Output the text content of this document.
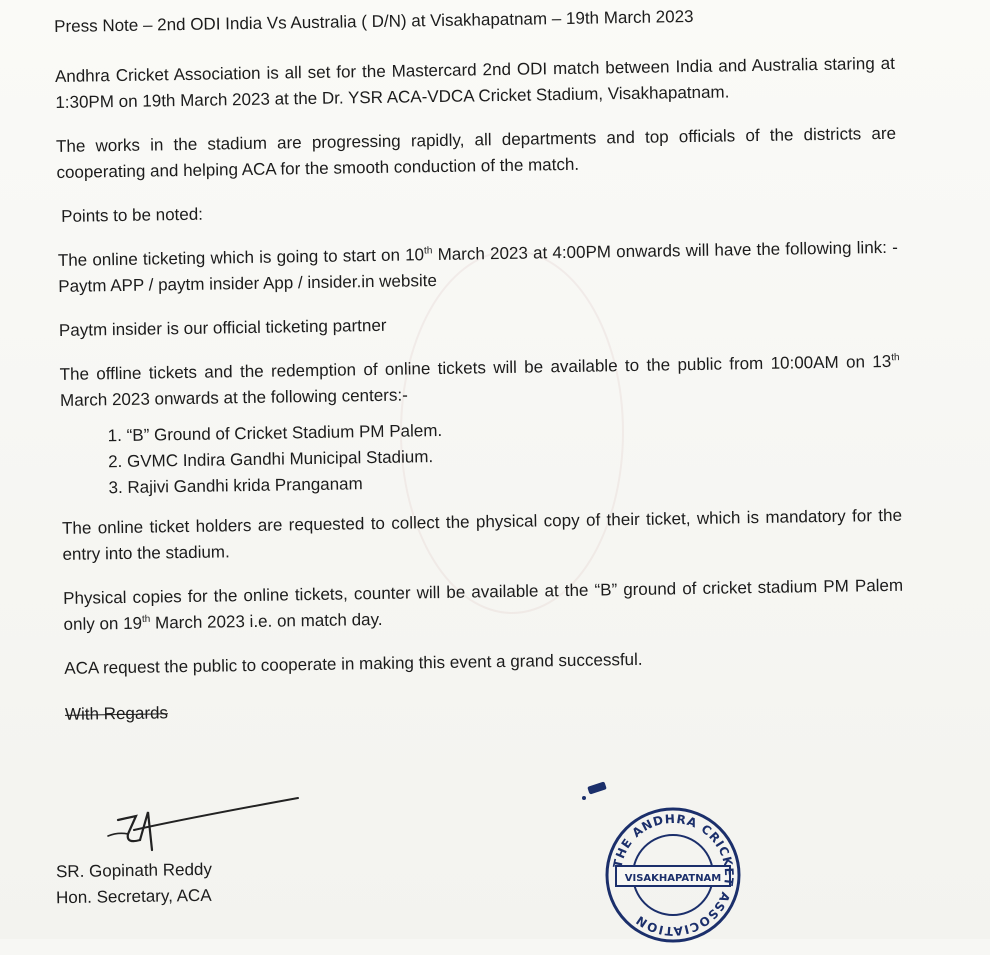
Press Note – 2nd ODI India Vs Australia ( D/N) at Visakhapatnam – 19th March 2023

Andhra Cricket Association is all set for the Mastercard 2nd ODI match between India and Australia staring at 1:30PM on 19th March 2023 at the Dr. YSR ACA-VDCA Cricket Stadium, Visakhapatnam.

The works in the stadium are progressing rapidly, all departments and top officials of the districts are cooperating and helping ACA for the smooth conduction of the match.

Points to be noted:

The online ticketing which is going to start on 10th March 2023 at 4:00PM onwards will have the following link: - Paytm APP / paytm insider App / insider.in website

Paytm insider is our official ticketing partner

The offline tickets and the redemption of online tickets will be available to the public from 10:00AM on 13th March 2023 onwards at the following centers:-

1. “B” Ground of Cricket Stadium PM Palem.
2. GVMC Indira Gandhi Municipal Stadium.
3. Rajivi Gandhi krida Pranganam

The online ticket holders are requested to collect the physical copy of their ticket, which is mandatory for the entry into the stadium.

Physical copies for the online tickets, counter will be available at the “B” ground of cricket stadium PM Palem only on 19th March 2023 i.e. on match day.

ACA request the public to cooperate in making this event a grand successful.

With Regards

SR. Gopinath Reddy
Hon. Secretary, ACA
THE ANDHRA CRICKET ASSOCIATION
VISAKHAPATNAM
